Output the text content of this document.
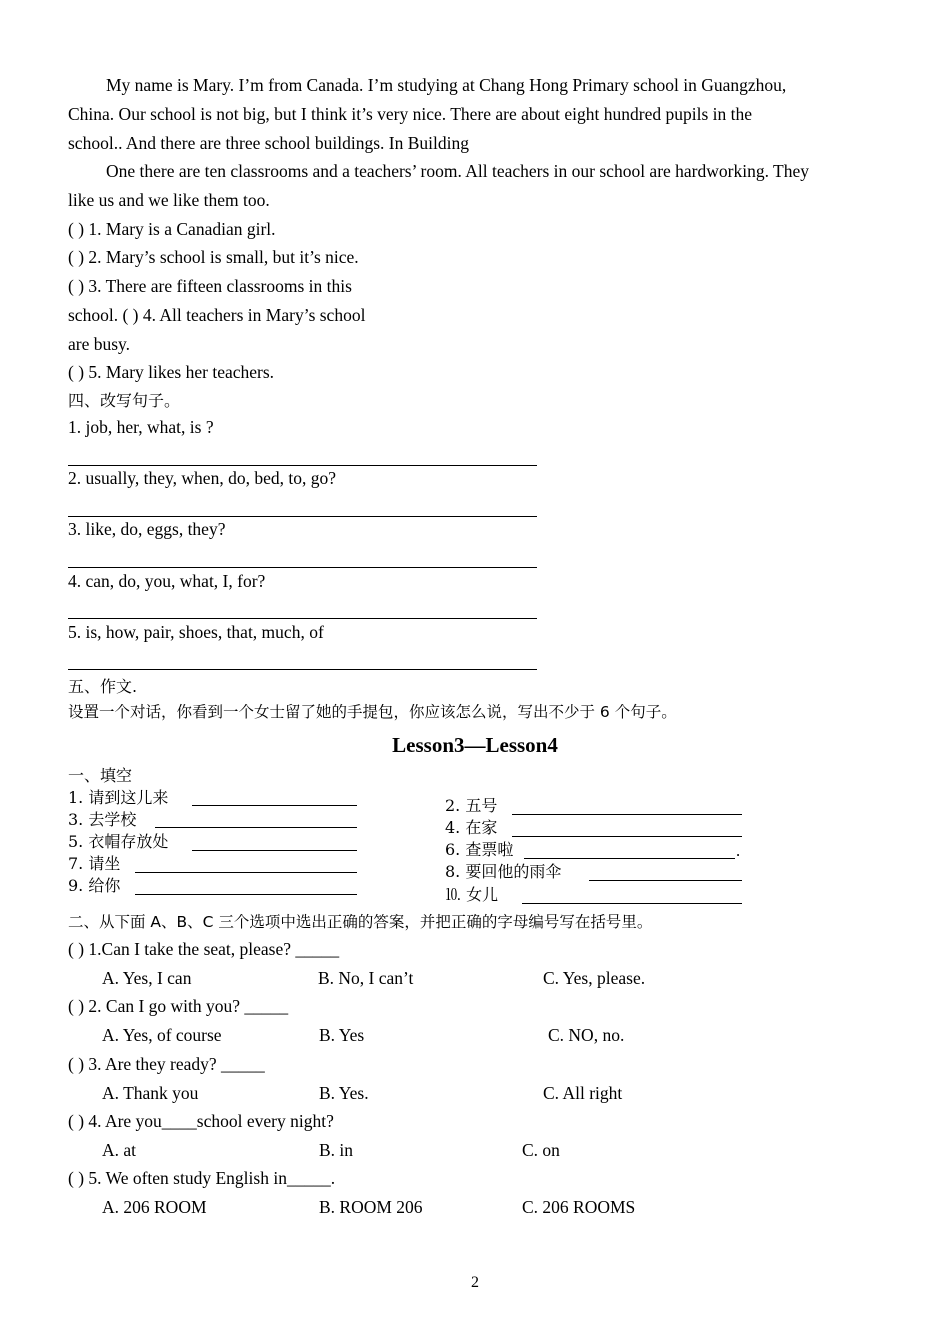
My name is Mary. I’m from Canada. I’m studying at Chang Hong Primary school in Guangzhou,
China. Our school is not big, but I think it’s very nice. There are about eight hundred pupils in the
school.. And there are three school buildings. In Building
One there are ten classrooms and a teachers’ room. All teachers in our school are hardworking. They
like us and we like them too.
( ) 1. Mary is a Canadian girl.
( ) 2. Mary’s school is small, but it’s nice.
( ) 3. There are fifteen classrooms in this
school. ( ) 4. All teachers in Mary’s school
are busy.
( ) 5. Mary likes her teachers.
四、改写句子。
1. job, her, what, is ?
2. usually, they, when, do, bed, to, go?
3. like, do, eggs, they?
4. can, do, you, what, I, for?
5. is, how, pair, shoes, that, much, of
五、作文.
设置一个对话，你看到一个女士留了她的手提包，你应该怎么说，写出不少于 6 个句子。
Lesson3—Lesson4
一、填空
1. 请到这儿来
3. 去学校
5. 衣帽存放处
7. 请坐
9. 给你
2. 五号
4. 在家
6. 查票啦	.
8. 要回他的雨伞
⒑ 女儿
二、从下面 A、B、C 三个选项中选出正确的答案，并把正确的字母编号写在括号里。
( ) 1.Can I take the seat, please? _____
A. Yes, I can	B. No, I can’t	C. Yes, please.
( ) 2. Can I go with you? _____
A. Yes, of course	B. Yes	C. NO, no.
( ) 3. Are they ready? _____
A. Thank you	B. Yes.	C. All right
( ) 4. Are you____school every night?
A. at	B. in	C. on
( ) 5. We often study English in_____.
A. 206 ROOM	B. ROOM 206	C. 206 ROOMS
2
